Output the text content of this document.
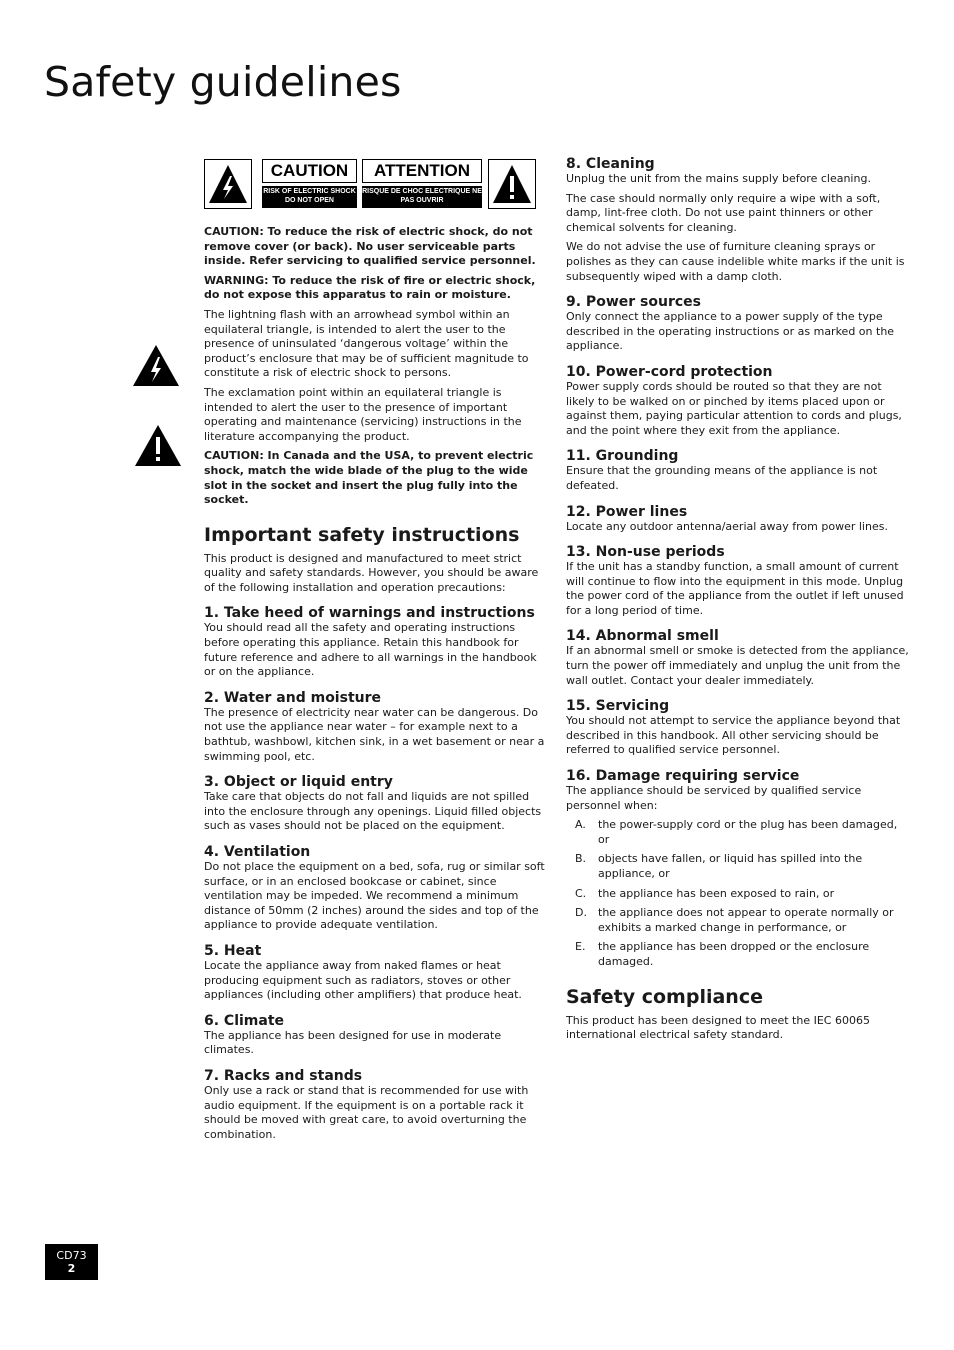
Safety guidelines
CAUTION
RISK OF ELECTRIC SHOCK DO NOT OPEN
ATTENTION
RISQUE DE CHOC ELECTRIQUE NE PAS OUVRIR

CAUTION: To reduce the risk of electric shock, do not remove cover (or back). No user serviceable parts inside. Refer servicing to qualified service personnel.

WARNING: To reduce the risk of fire or electric shock, do not expose this apparatus to rain or moisture.

The lightning flash with an arrowhead symbol within an equilateral triangle, is intended to alert the user to the presence of uninsulated ‘dangerous voltage’ within the product’s enclosure that may be of sufficient magnitude to constitute a risk of electric shock to persons.

The exclamation point within an equilateral triangle is intended to alert the user to the presence of important operating and maintenance (servicing) instructions in the literature accompanying the product.

CAUTION: In Canada and the USA, to prevent electric shock, match the wide blade of the plug to the wide slot in the socket and insert the plug fully into the socket.

Important safety instructions

This product is designed and manufactured to meet strict quality and safety standards. However, you should be aware of the following installation and operation precautions:

1. Take heed of warnings and instructions

You should read all the safety and operating instructions before operating this appliance. Retain this handbook for future reference and adhere to all warnings in the handbook or on the appliance.

2. Water and moisture

The presence of electricity near water can be dangerous. Do not use the appliance near water – for example next to a bathtub, washbowl, kitchen sink, in a wet basement or near a swimming pool, etc.

3. Object or liquid entry

Take care that objects do not fall and liquids are not spilled into the enclosure through any openings. Liquid filled objects such as vases should not be placed on the equipment.

4. Ventilation

Do not place the equipment on a bed, sofa, rug or similar soft surface, or in an enclosed bookcase or cabinet, since ventilation may be impeded. We recommend a minimum distance of 50mm (2 inches) around the sides and top of the appliance to provide adequate ventilation.

5. Heat

Locate the appliance away from naked flames or heat producing equipment such as radiators, stoves or other appliances (including other amplifiers) that produce heat.

6. Climate

The appliance has been designed for use in moderate climates.

7. Racks and stands

Only use a rack or stand that is recommended for use with audio equipment. If the equipment is on a portable rack it should be moved with great care, to avoid overturning the combination.

8. Cleaning

Unplug the unit from the mains supply before cleaning.

The case should normally only require a wipe with a soft, damp, lint-free cloth. Do not use paint thinners or other chemical solvents for cleaning.

We do not advise the use of furniture cleaning sprays or polishes as they can cause indelible white marks if the unit is subsequently wiped with a damp cloth.

9. Power sources

Only connect the appliance to a power supply of the type described in the operating instructions or as marked on the appliance.

10. Power-cord protection

Power supply cords should be routed so that they are not likely to be walked on or pinched by items placed upon or against them, paying particular attention to cords and plugs, and the point where they exit from the appliance.

11. Grounding

Ensure that the grounding means of the appliance is not defeated.

12. Power lines

Locate any outdoor antenna/aerial away from power lines.

13. Non-use periods

If the unit has a standby function, a small amount of current will continue to flow into the equipment in this mode. Unplug the power cord of the appliance from the outlet if left unused for a long period of time.

14. Abnormal smell

If an abnormal smell or smoke is detected from the appliance, turn the power off immediately and unplug the unit from the wall outlet. Contact your dealer immediately.

15. Servicing

You should not attempt to service the appliance beyond that described in this handbook. All other servicing should be referred to qualified service personnel.

16. Damage requiring service

The appliance should be serviced by qualified service personnel when:

A. the power-supply cord or the plug has been damaged, or
B. objects have fallen, or liquid has spilled into the appliance, or
C. the appliance has been exposed to rain, or
D. the appliance does not appear to operate normally or exhibits a marked change in performance, or
E. the appliance has been dropped or the enclosure damaged.
Safety compliance

This product has been designed to meet the IEC 60065 international electrical safety standard.

CD73
2
